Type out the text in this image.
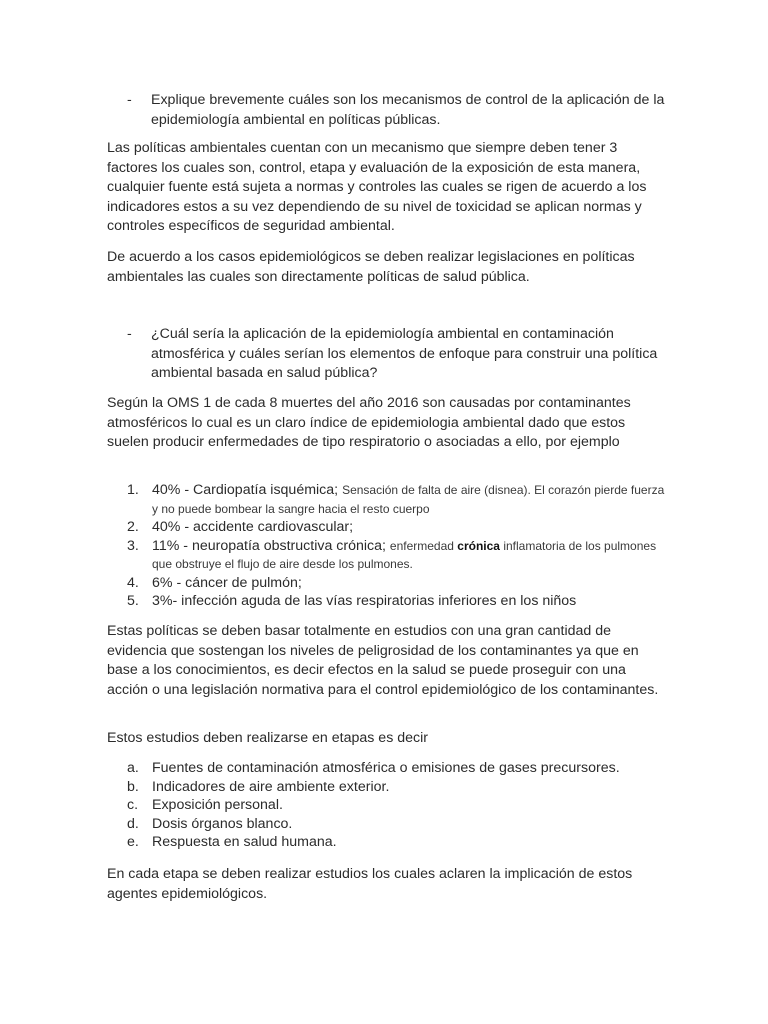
- Explique brevemente cuáles son los mecanismos de control de la aplicación de la epidemiología ambiental en políticas públicas.

Las políticas ambientales cuentan con un mecanismo que siempre deben tener 3 factores los cuales son, control, etapa y evaluación de la exposición de esta manera, cualquier fuente está sujeta a normas y controles las cuales se rigen de acuerdo a los indicadores estos a su vez dependiendo de su nivel de toxicidad se aplican normas y controles específicos de seguridad ambiental.

De acuerdo a los casos epidemiológicos se deben realizar legislaciones en políticas ambientales las cuales son directamente políticas de salud pública.

- ¿Cuál sería la aplicación de la epidemiología ambiental en contaminación atmosférica y cuáles serían los elementos de enfoque para construir una política ambiental basada en salud pública?

Según la OMS 1 de cada 8 muertes del año 2016 son causadas por contaminantes atmosféricos lo cual es un claro índice de epidemiologia ambiental dado que estos suelen producir enfermedades de tipo respiratorio o asociadas a ello, por ejemplo

1. 40% - Cardiopatía isquémica; Sensación de falta de aire (disnea). El corazón pierde fuerza y no puede bombear la sangre hacia el resto cuerpo
2. 40% - accidente cardiovascular;
3. 11% - neuropatía obstructiva crónica; enfermedad crónica inflamatoria de los pulmones que obstruye el flujo de aire desde los pulmones.
4. 6% - cáncer de pulmón;
5. 3%- infección aguda de las vías respiratorias inferiores en los niños

Estas políticas se deben basar totalmente en estudios con una gran cantidad de evidencia que sostengan los niveles de peligrosidad de los contaminantes ya que en base a los conocimientos, es decir efectos en la salud se puede proseguir con una acción o una legislación normativa para el control epidemiológico de los contaminantes.

Estos estudios deben realizarse en etapas es decir

a. Fuentes de contaminación atmosférica o emisiones de gases precursores.
b. Indicadores de aire ambiente exterior.
c. Exposición personal.
d. Dosis órganos blanco.
e. Respuesta en salud humana.

En cada etapa se deben realizar estudios los cuales aclaren la implicación de estos agentes epidemiológicos.
